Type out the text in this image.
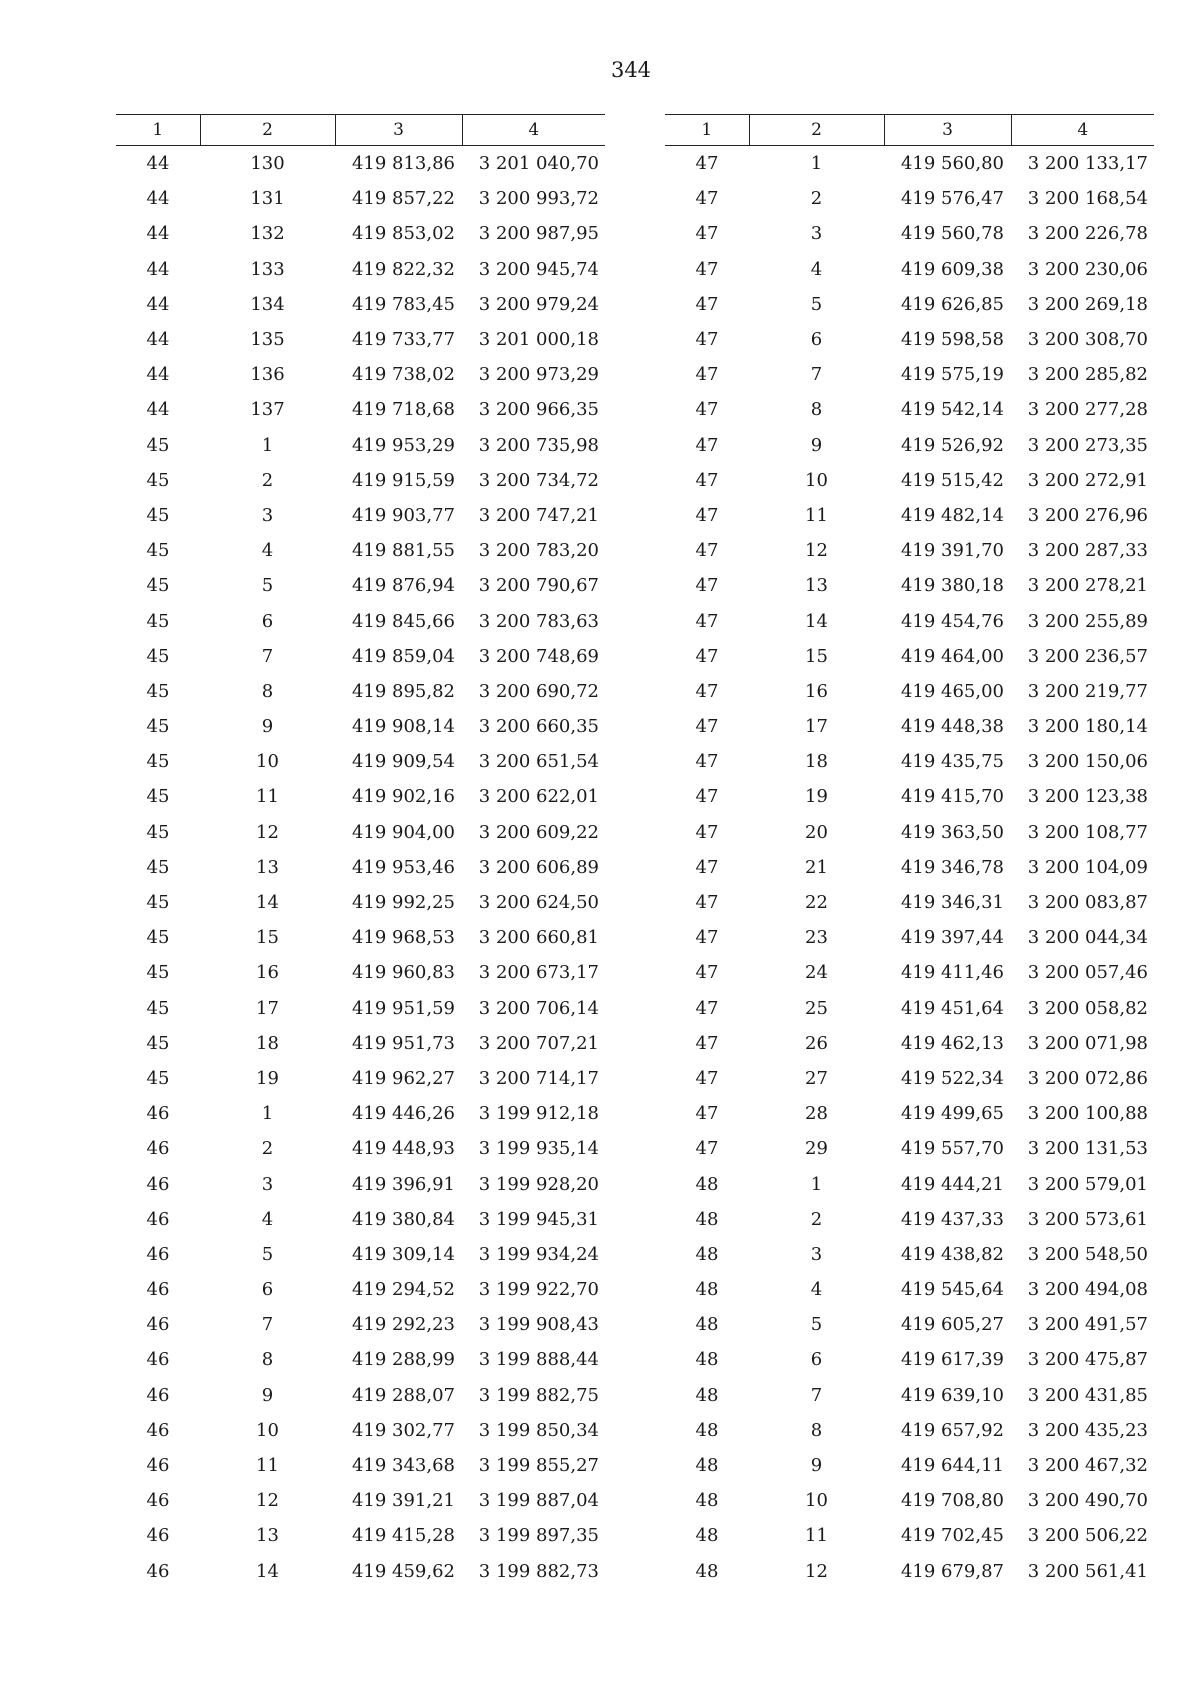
344
1	2	3	4
44	130	419 813,86	3 201 040,70
44	131	419 857,22	3 200 993,72
44	132	419 853,02	3 200 987,95
44	133	419 822,32	3 200 945,74
44	134	419 783,45	3 200 979,24
44	135	419 733,77	3 201 000,18
44	136	419 738,02	3 200 973,29
44	137	419 718,68	3 200 966,35
45	1	419 953,29	3 200 735,98
45	2	419 915,59	3 200 734,72
45	3	419 903,77	3 200 747,21
45	4	419 881,55	3 200 783,20
45	5	419 876,94	3 200 790,67
45	6	419 845,66	3 200 783,63
45	7	419 859,04	3 200 748,69
45	8	419 895,82	3 200 690,72
45	9	419 908,14	3 200 660,35
45	10	419 909,54	3 200 651,54
45	11	419 902,16	3 200 622,01
45	12	419 904,00	3 200 609,22
45	13	419 953,46	3 200 606,89
45	14	419 992,25	3 200 624,50
45	15	419 968,53	3 200 660,81
45	16	419 960,83	3 200 673,17
45	17	419 951,59	3 200 706,14
45	18	419 951,73	3 200 707,21
45	19	419 962,27	3 200 714,17
46	1	419 446,26	3 199 912,18
46	2	419 448,93	3 199 935,14
46	3	419 396,91	3 199 928,20
46	4	419 380,84	3 199 945,31
46	5	419 309,14	3 199 934,24
46	6	419 294,52	3 199 922,70
46	7	419 292,23	3 199 908,43
46	8	419 288,99	3 199 888,44
46	9	419 288,07	3 199 882,75
46	10	419 302,77	3 199 850,34
46	11	419 343,68	3 199 855,27
46	12	419 391,21	3 199 887,04
46	13	419 415,28	3 199 897,35
46	14	419 459,62	3 199 882,73
1	2	3	4
47	1	419 560,80	3 200 133,17
47	2	419 576,47	3 200 168,54
47	3	419 560,78	3 200 226,78
47	4	419 609,38	3 200 230,06
47	5	419 626,85	3 200 269,18
47	6	419 598,58	3 200 308,70
47	7	419 575,19	3 200 285,82
47	8	419 542,14	3 200 277,28
47	9	419 526,92	3 200 273,35
47	10	419 515,42	3 200 272,91
47	11	419 482,14	3 200 276,96
47	12	419 391,70	3 200 287,33
47	13	419 380,18	3 200 278,21
47	14	419 454,76	3 200 255,89
47	15	419 464,00	3 200 236,57
47	16	419 465,00	3 200 219,77
47	17	419 448,38	3 200 180,14
47	18	419 435,75	3 200 150,06
47	19	419 415,70	3 200 123,38
47	20	419 363,50	3 200 108,77
47	21	419 346,78	3 200 104,09
47	22	419 346,31	3 200 083,87
47	23	419 397,44	3 200 044,34
47	24	419 411,46	3 200 057,46
47	25	419 451,64	3 200 058,82
47	26	419 462,13	3 200 071,98
47	27	419 522,34	3 200 072,86
47	28	419 499,65	3 200 100,88
47	29	419 557,70	3 200 131,53
48	1	419 444,21	3 200 579,01
48	2	419 437,33	3 200 573,61
48	3	419 438,82	3 200 548,50
48	4	419 545,64	3 200 494,08
48	5	419 605,27	3 200 491,57
48	6	419 617,39	3 200 475,87
48	7	419 639,10	3 200 431,85
48	8	419 657,92	3 200 435,23
48	9	419 644,11	3 200 467,32
48	10	419 708,80	3 200 490,70
48	11	419 702,45	3 200 506,22
48	12	419 679,87	3 200 561,41
